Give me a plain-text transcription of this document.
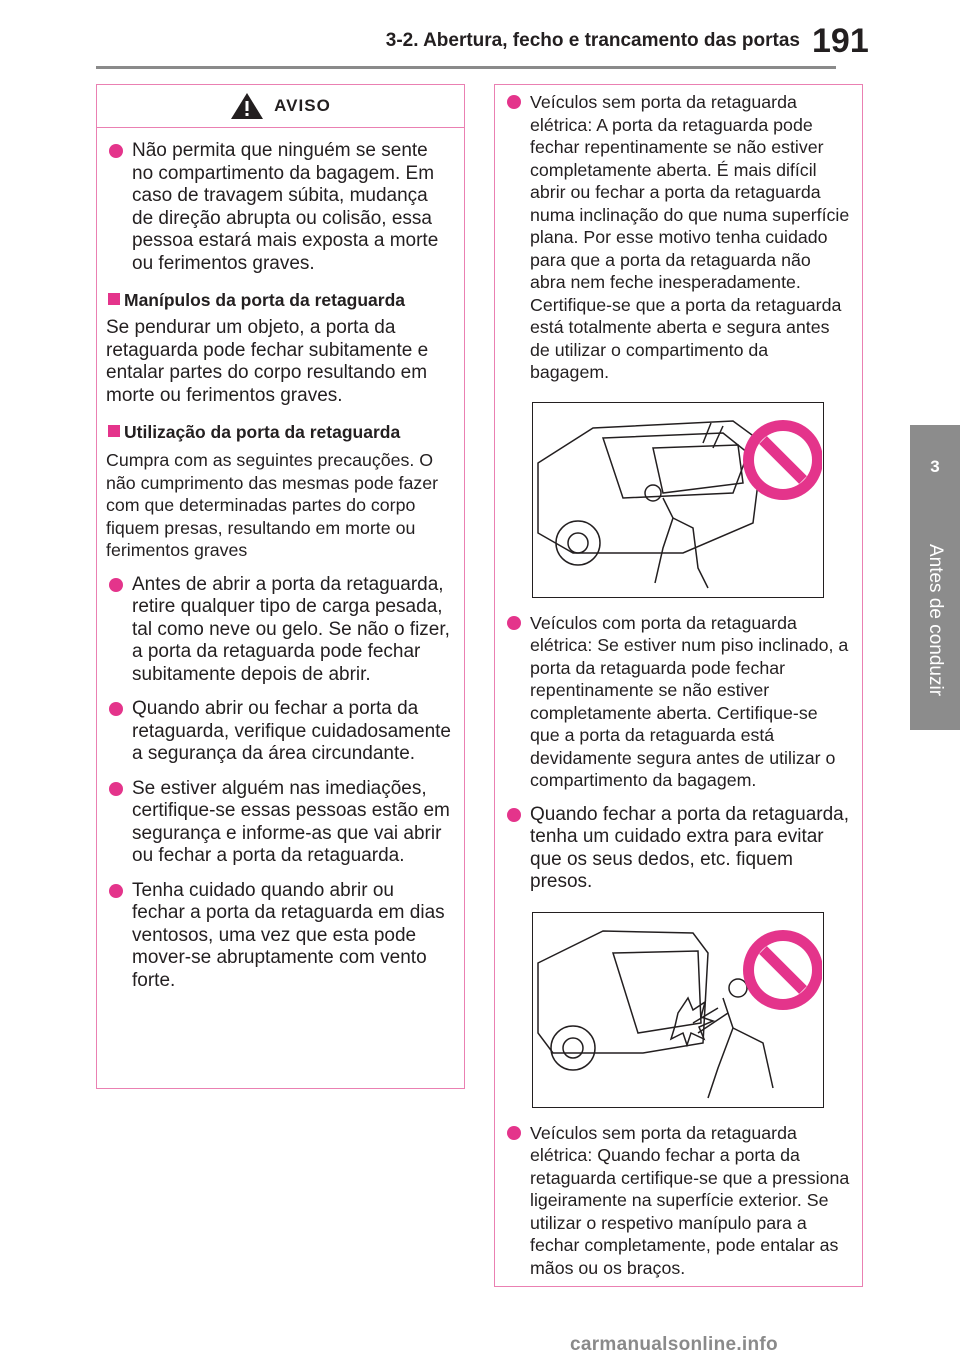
3-2. Abertura, fecho e trancamento das portas 191
3
Antes de conduzir
AVISO
Não permita que ninguém se sente no compartimento da bagagem. Em caso de travagem súbita, mudança de direção abrupta ou colisão, essa pessoa estará mais exposta a morte ou ferimentos graves.
Manípulos da porta da retaguarda
Se pendurar um objeto, a porta da retaguarda pode fechar subitamente e entalar partes do corpo resultando em morte ou ferimentos graves.
Utilização da porta da retaguarda
Cumpra com as seguintes precauções. O não cumprimento das mesmas pode fazer com que determinadas partes do corpo fiquem presas, resultando em morte ou ferimentos graves
Antes de abrir a porta da retaguarda, retire qualquer tipo de carga pesada, tal como neve ou gelo. Se não o fizer, a porta da retaguarda pode fechar subitamente depois de abrir.
Quando abrir ou fechar a porta da retaguarda, verifique cuidadosamente a segurança da área circundante.
Se estiver alguém nas imediações, certifique-se essas pessoas estão em segurança e informe-as que vai abrir ou fechar a porta da retaguarda.
Tenha cuidado quando abrir ou fechar a porta da retaguarda em dias ventosos, uma vez que esta pode mover-se abruptamente com vento forte.
Veículos sem porta da retaguarda elétrica: A porta da retaguarda pode fechar repentinamente se não estiver completamente aberta. É mais difícil abrir ou fechar a porta da retaguarda numa inclinação do que numa superfície plana. Por esse motivo tenha cuidado para que a porta da retaguarda não abra nem feche inesperadamente. Certifique-se que a porta da retaguarda está totalmente aberta e segura antes de utilizar o compartimento da bagagem.
Veículos com porta da retaguarda elétrica: Se estiver num piso inclinado, a porta da retaguarda pode fechar repentinamente se não estiver completamente aberta. Certifique-se que a porta da retaguarda está devidamente segura antes de utilizar o compartimento da bagagem.
Quando fechar a porta da retaguarda, tenha um cuidado extra para evitar que os seus dedos, etc. fiquem presos.
Veículos sem porta da retaguarda elétrica: Quando fechar a porta da retaguarda certifique-se que a pressiona ligeiramente na superfície exterior. Se utilizar o respetivo manípulo para a fechar completamente, pode entalar as mãos ou os braços.
carmanualsonline.info
